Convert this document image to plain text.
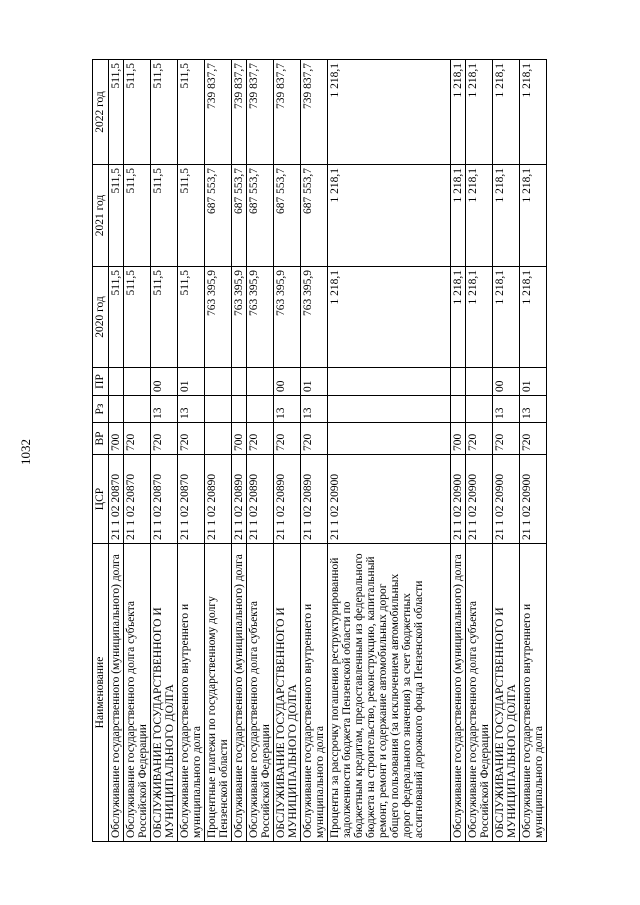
1032
Наименование	ЦСР	ВР	Рз	ПР	2020 год	2021 год	2022 год
Обслуживание государственного (муниципального) долга	21 1 02 20870	700			511,5	511,5	511,5
Обслуживание государственного долга субъекта Российской Федерации	21 1 02 20870	720			511,5	511,5	511,5
ОБСЛУЖИВАНИЕ ГОСУДАРСТВЕННОГО И МУНИЦИПАЛЬНОГО ДОЛГА	21 1 02 20870	720	13	00	511,5	511,5	511,5
Обслуживание государственного внутреннего и муниципального долга	21 1 02 20870	720	13	01	511,5	511,5	511,5
Процентные платежи по государственному долгу Пензенской области	21 1 02 20890				763 395,9	687 553,7	739 837,7
Обслуживание государственного (муниципального) долга	21 1 02 20890	700			763 395,9	687 553,7	739 837,7
Обслуживание государственного долга субъекта Российской Федерации	21 1 02 20890	720			763 395,9	687 553,7	739 837,7
ОБСЛУЖИВАНИЕ ГОСУДАРСТВЕННОГО И МУНИЦИПАЛЬНОГО ДОЛГА	21 1 02 20890	720	13	00	763 395,9	687 553,7	739 837,7
Обслуживание государственного внутреннего и муниципального долга	21 1 02 20890	720	13	01	763 395,9	687 553,7	739 837,7
Проценты за рассрочку погашения реструктурированной задолженности бюджета Пензенской области по бюджетным кредитам, предоставленным из федерального бюджета на строительство, реконструкцию, капитальный ремонт, ремонт и содержание автомобильных дорог общего пользования (за исключением автомобильных дорог федерального значения) за счет бюджетных ассигнований дорожного фонда Пензенской области	21 1 02 20900				1 218,1	1 218,1	1 218,1
Обслуживание государственного (муниципального) долга	21 1 02 20900	700			1 218,1	1 218,1	1 218,1
Обслуживание государственного долга субъекта Российской Федерации	21 1 02 20900	720			1 218,1	1 218,1	1 218,1
ОБСЛУЖИВАНИЕ ГОСУДАРСТВЕННОГО И МУНИЦИПАЛЬНОГО ДОЛГА	21 1 02 20900	720	13	00	1 218,1	1 218,1	1 218,1
Обслуживание государственного внутреннего и муниципального долга	21 1 02 20900	720	13	01	1 218,1	1 218,1	1 218,1
